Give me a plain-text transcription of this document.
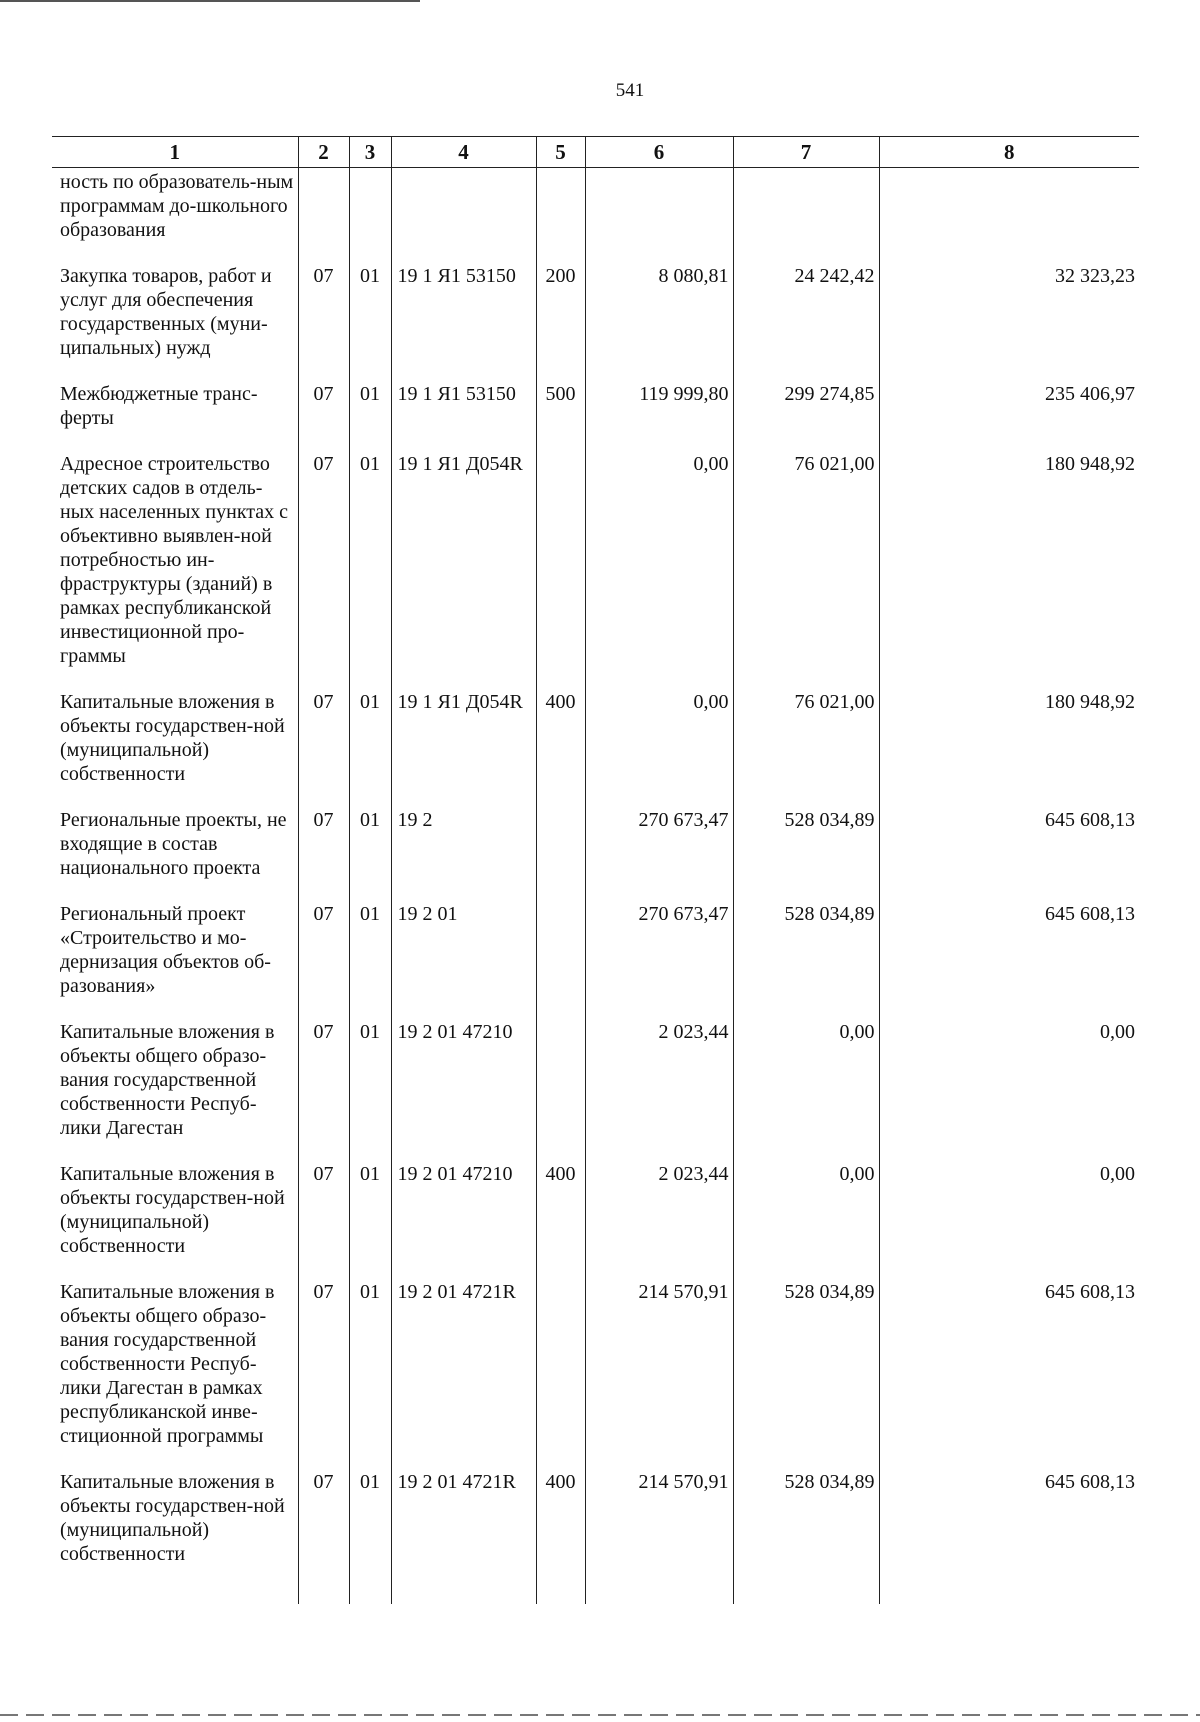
541
1	2	3	4	5	6	7	8
ность по образователь-ным программам до-школьного образования							
Закупка товаров, работ и услуг для обеспечения государственных (муни-ципальных) нужд	07	01	19 1 Я1 53150	200	8 080,81	24 242,42	32 323,23
Межбюджетные транс-ферты	07	01	19 1 Я1 53150	500	119 999,80	299 274,85	235 406,97
Адресное строительство детских садов в отдель-ных населенных пунктах с объективно выявлен-ной потребностью ин-фраструктуры (зданий) в рамках республиканской инвестиционной про-граммы	07	01	19 1 Я1 Д054R		0,00	76 021,00	180 948,92
Капитальные вложения в объекты государствен-ной (муниципальной) собственности	07	01	19 1 Я1 Д054R	400	0,00	76 021,00	180 948,92
Региональные проекты, не входящие в состав национального проекта	07	01	19 2		270 673,47	528 034,89	645 608,13
Региональный проект «Строительство и мо-дернизация объектов об-разования»	07	01	19 2 01		270 673,47	528 034,89	645 608,13
Капитальные вложения в объекты общего образо-вания государственной собственности Респуб-лики Дагестан	07	01	19 2 01 47210		2 023,44	0,00	0,00
Капитальные вложения в объекты государствен-ной (муниципальной) собственности	07	01	19 2 01 47210	400	2 023,44	0,00	0,00
Капитальные вложения в объекты общего образо-вания государственной собственности Респуб-лики Дагестан в рамках республиканской инве-стиционной программы	07	01	19 2 01 4721R		214 570,91	528 034,89	645 608,13
Капитальные вложения в объекты государствен-ной (муниципальной) собственности	07	01	19 2 01 4721R	400	214 570,91	528 034,89	645 608,13
